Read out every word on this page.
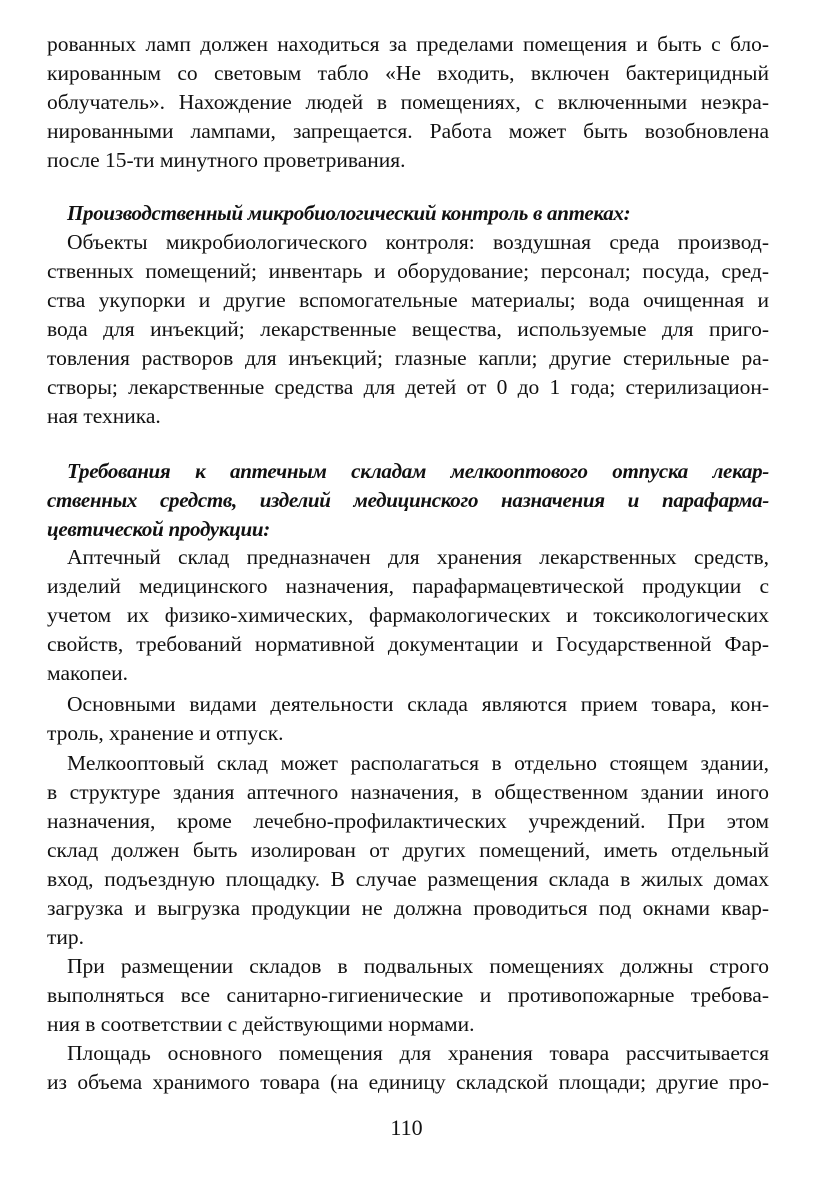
рованных ламп должен находиться за пределами помещения и быть с бло-
кированным со световым табло «Не входить, включен бактерицидный
облучатель». Нахождение людей в помещениях, с включенными неэкра-
нированными лампами, запрещается. Работа может быть возобновлена
после 15-ти минутного проветривания.
Производственный микробиологический контроль в аптеках:
Объекты микробиологического контроля: воздушная среда производ-
ственных помещений; инвентарь и оборудование; персонал; посуда, сред-
ства укупорки и другие вспомогательные материалы; вода очищенная и
вода для инъекций; лекарственные вещества, используемые для приго-
товления растворов для инъекций; глазные капли; другие стерильные ра-
створы; лекарственные средства для детей от 0 до 1 года; стерилизацион-
ная техника.
Требования к аптечным складам мелкооптового отпуска лекар-
ственных средств, изделий медицинского назначения и парафарма-
цевтической продукции:
Аптечный склад предназначен для хранения лекарственных средств,
изделий медицинского назначения, парафармацевтической продукции с
учетом их физико-химических, фармакологических и токсикологических
свойств, требований нормативной документации и Государственной Фар-
макопеи.
Основными видами деятельности склада являются прием товара, кон-
троль, хранение и отпуск.
Мелкооптовый склад может располагаться в отдельно стоящем здании,
в структуре здания аптечного назначения, в общественном здании иного
назначения, кроме лечебно-профилактических учреждений. При этом
склад должен быть изолирован от других помещений, иметь отдельный
вход, подъездную площадку. В случае размещения склада в жилых домах
загрузка и выгрузка продукции не должна проводиться под окнами квар-
тир.
При размещении складов в подвальных помещениях должны строго
выполняться все санитарно-гигиенические и противопожарные требова-
ния в соответствии с действующими нормами.
Площадь основного помещения для хранения товара рассчитывается
из объема хранимого товара (на единицу складской площади; другие про-
110
